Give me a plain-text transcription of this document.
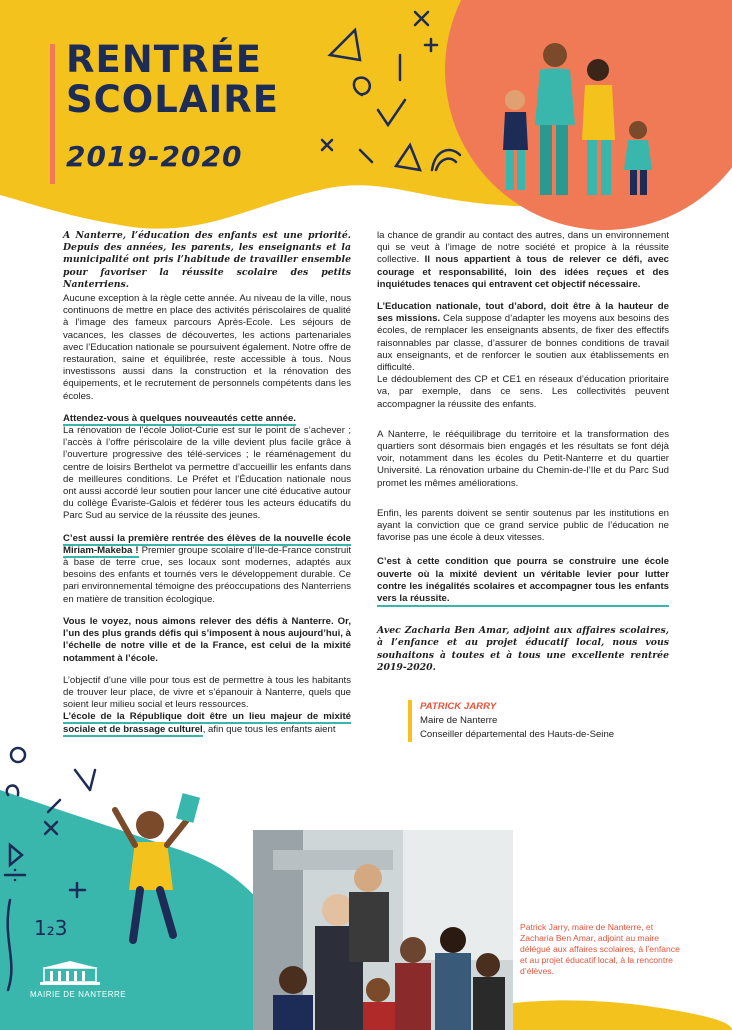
1₂3
RENTRÉE
SCOLAIRE
2019-2020

A Nanterre, l’éducation des enfants est une priorité. Depuis des années, les parents, les enseignants et la municipalité ont pris l’habitude de travailler ensemble pour favoriser la réussite scolaire des petits Nanterriens.

Aucune exception à la règle cette année. Au niveau de la ville, nous continuons de mettre en place des activités périscolaires de qualité à l’image des fameux parcours Après-Ecole. Les séjours de vacances, les classes de découvertes, les actions partenariales avec l’Education nationale se poursuivent également. Notre offre de restauration, saine et équilibrée, reste accessible à tous. Nous investissons aussi dans la construction et la rénovation des équipements, et le recrutement de personnels compétents dans les écoles.

Attendez-vous à quelques nouveautés cette année.
La rénovation de l’école Joliot-Curie est sur le point de s’achever ; l’accès à l’offre périscolaire de la ville devient plus facile grâce à l’ouverture progressive des télé-services ; le réaménagement du centre de loisirs Berthelot va permettre d’accueillir les enfants dans de meilleures conditions. Le Préfet et l’Éducation nationale nous ont aussi accordé leur soutien pour lancer une cité éducative autour du collège Évariste-Galois et fédérer tous les acteurs éducatifs du Parc Sud au service de la réussite des jeunes.

C’est aussi la première rentrée des élèves de la nouvelle école Miriam-Makeba ! Premier groupe scolaire d’Ile-de-France construit à base de terre crue, ses locaux sont modernes, adaptés aux besoins des enfants et tournés vers le développement durable. Ce pari environnemental témoigne des préoccupations des Nanterriens en matière de transition écologique.

Vous le voyez, nous aimons relever des défis à Nanterre. Or, l’un des plus grands défis qui s’imposent à nous aujourd’hui, à l’échelle de notre ville et de la France, est celui de la mixité notamment à l’école.

L’objectif d’une ville pour tous est de permettre à tous les habitants de trouver leur place, de vivre et s’épanouir à Nanterre, quels que soient leur milieu social et leurs ressources.
L’école de la République doit être un lieu majeur de mixité sociale et de brassage culturel, afin que tous les enfants aient

la chance de grandir au contact des autres, dans un environnement qui se veut à l’image de notre société et propice à la réussite collective. Il nous appartient à tous de relever ce défi, avec courage et responsabilité, loin des idées reçues et des inquiétudes tenaces qui entravent cet objectif nécessaire.

L’Education nationale, tout d’abord, doit être à la hauteur de ses missions. Cela suppose d’adapter les moyens aux besoins des écoles, de remplacer les enseignants absents, de fixer des effectifs raisonnables par classe, d’assurer de bonnes conditions de travail aux enseignants, et de renforcer le soutien aux établissements en difficulté.
Le dédoublement des CP et CE1 en réseaux d’éducation prioritaire va, par exemple, dans ce sens. Les collectivités peuvent accompagner la réussite des enfants.

A Nanterre, le rééquilibrage du territoire et la transformation des quartiers sont désormais bien engagés et les résultats se font déjà voir, notamment dans les écoles du Petit-Nanterre et du quartier Université. La rénovation urbaine du Chemin-de-l’Ile et du Parc Sud promet les mêmes améliorations.

Enfin, les parents doivent se sentir soutenus par les institutions en ayant la conviction que ce grand service public de l’éducation ne favorise pas une école à deux vitesses.

C’est à cette condition que pourra se construire une école ouverte où la mixité devient un véritable levier pour lutter contre les inégalités scolaires et accompagner tous les enfants vers la réussite.

Avec Zacharia Ben Amar, adjoint aux affaires scolaires, à l’enfance et au projet éducatif local, nous vous souhaitons à toutes et à tous une excellente rentrée 2019-2020.

PATRICK JARRY
Maire de Nanterre
Conseiller départemental des Hauts-de-Seine
Patrick Jarry, maire de Nanterre, et Zacharia Ben Amar, adjoint au maire délégué aux affaires scolaires, à l’enfance et au projet éducatif local, à la rencontre d’élèves.
MAIRIE DE NANTERRE
